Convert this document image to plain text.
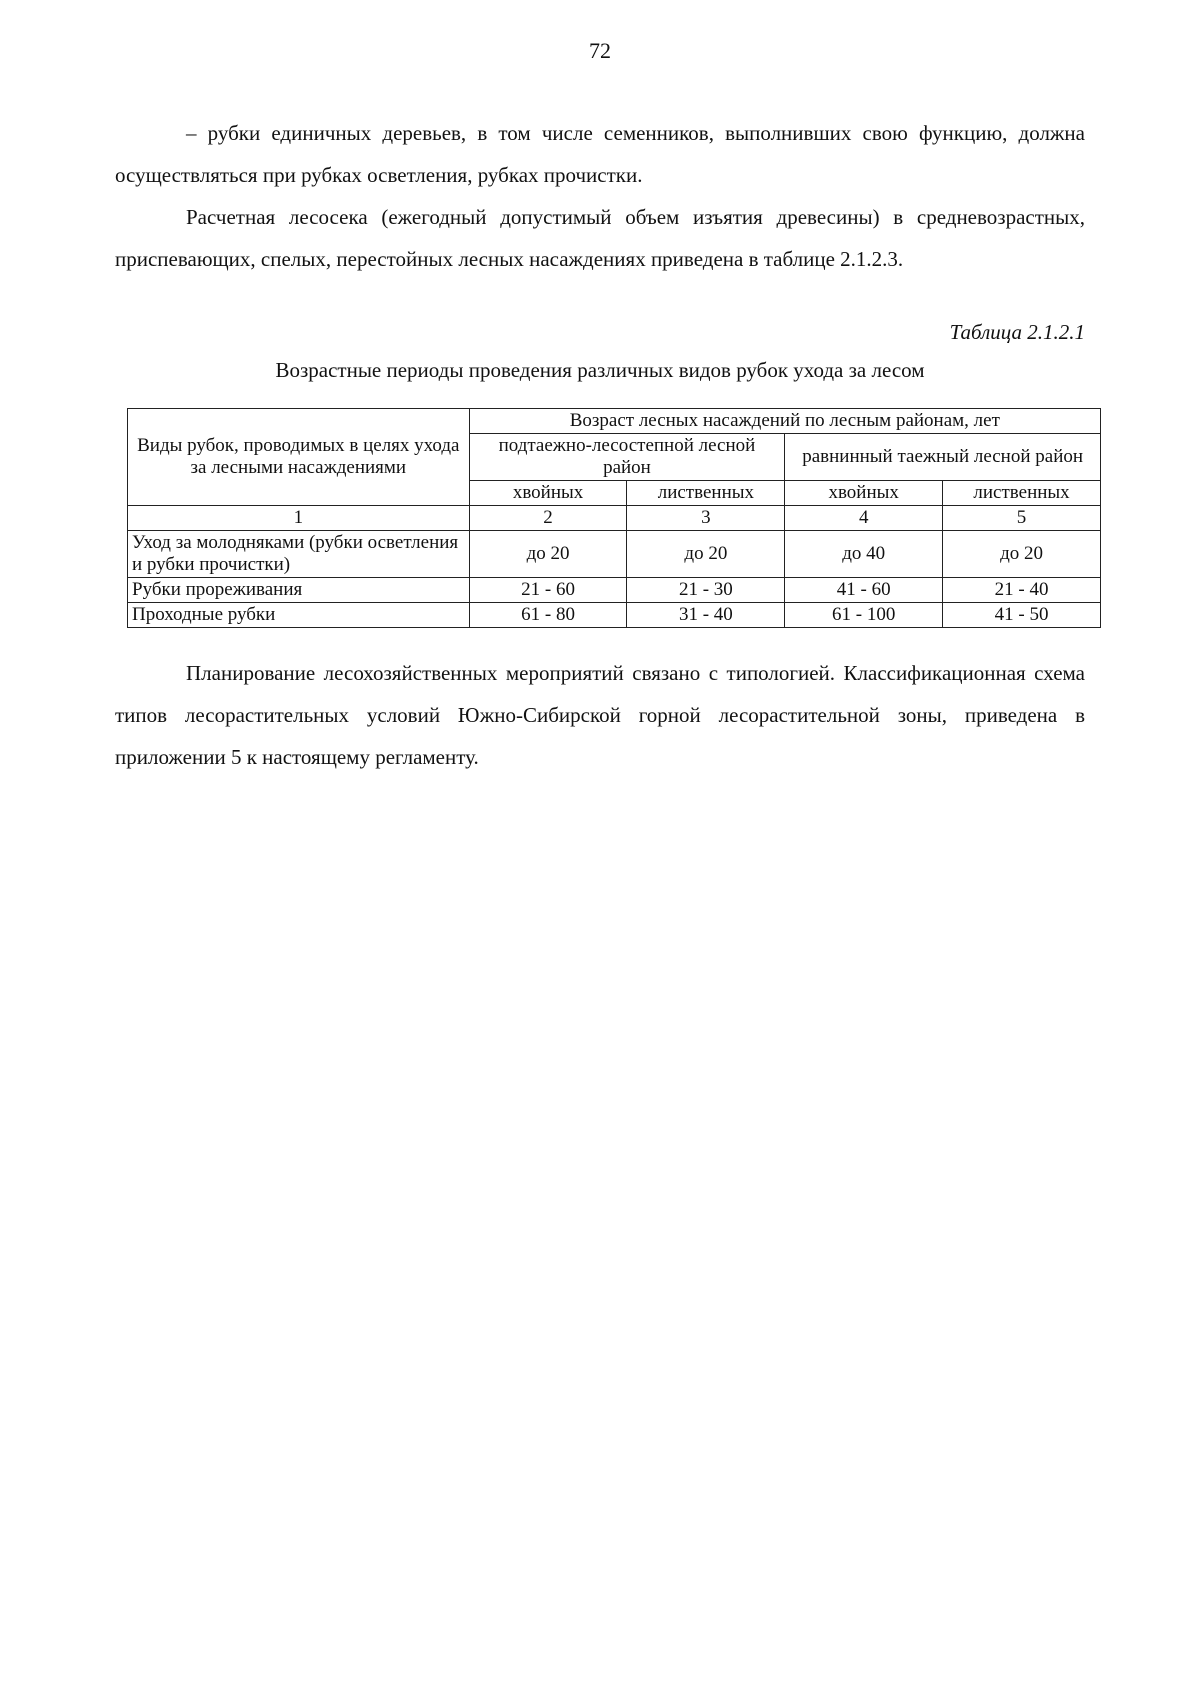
72

– рубки единичных деревьев, в том числе семенников, выполнивших свою функцию, должна осуществляться при рубках осветления, рубках прочистки.

Расчетная лесосека (ежегодный допустимый объем изъятия древесины) в средневозрастных, приспевающих, спелых, перестойных лесных насаждениях приведена в таблице 2.1.2.3.

Таблица 2.1.2.1

Возрастные периоды проведения различных видов рубок ухода за лесом

Виды рубок, проводимых в целях ухода за лесными насаждениями	Возраст лесных насаждений по лесным районам, лет			
	подтаежно-лесостепной лесной район		равнинный таежный лесной район	
	хвойных	лиственных	хвойных	лиственных
1	2	3	4	5
Уход за молодняками (рубки осветления и рубки прочистки)	до 20	до 20	до 40	до 20
Рубки прореживания	21 - 60	21 - 30	41 - 60	21 - 40
Проходные рубки	61 - 80	31 - 40	61 - 100	41 - 50

Планирование лесохозяйственных мероприятий связано с типологией. Классификационная схема типов лесорастительных условий Южно-Сибирской горной лесорастительной зоны, приведена в приложении 5 к настоящему регламенту.
